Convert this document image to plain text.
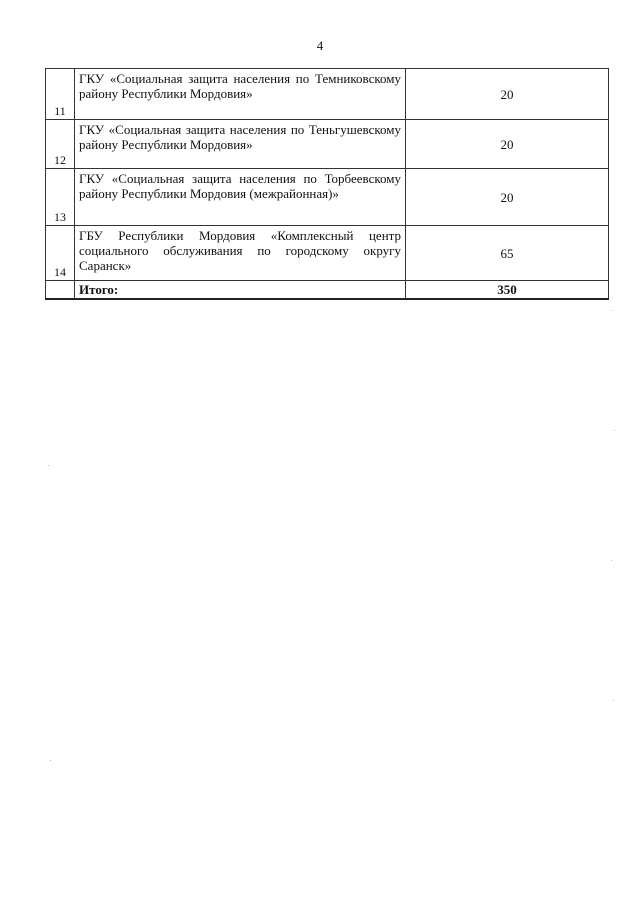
4
11	ГКУ «Социальная защита населения по Темниковскому району Республики Мордовия»	20
12	ГКУ «Социальная защита населения по Теньгушевскому району Республики Мордовия»	20
13	ГКУ «Социальная защита населения по Торбеевскому району Республики Мордовия (межрайонная)»	20
14	ГБУ Республики Мордовия «Комплексный центр социального обслуживания по городскому округу Саранск»	65
	Итого:	350
